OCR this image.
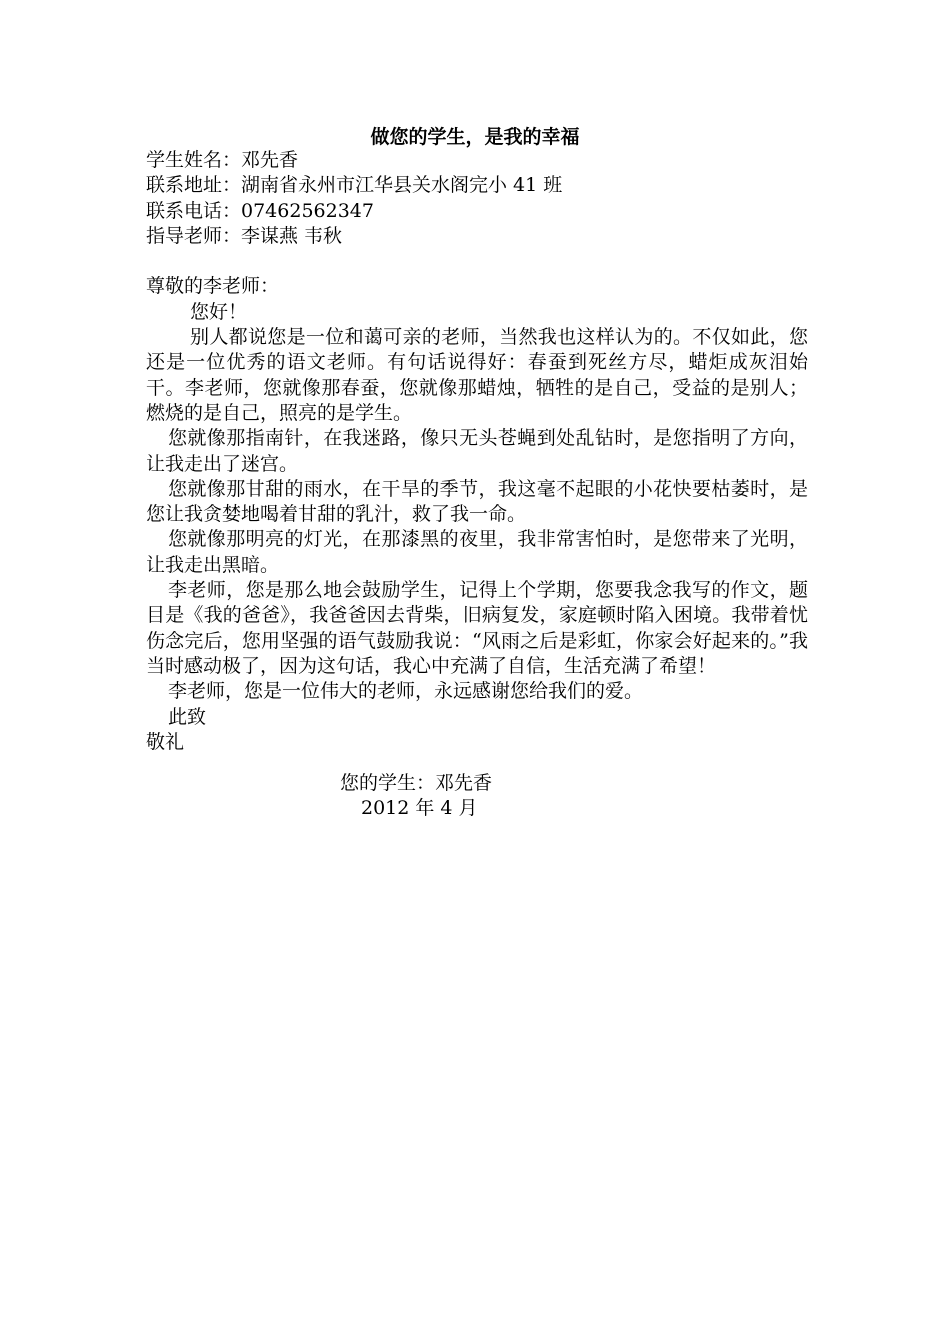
做您的学生，是我的幸福
学生姓名：邓先香
联系地址：湖南省永州市江华县关水阁完小 41 班
联系电话：07462562347
指导老师：李谋燕 韦秋
尊敬的李老师：
您好！

别人都说您是一位和蔼可亲的老师，当然我也这样认为的。不仅如此，您还是一位优秀的语文老师。有句话说得好：春蚕到死丝方尽，蜡炬成灰泪始干。李老师，您就像那春蚕，您就像那蜡烛，牺牲的是自己，受益的是别人；燃烧的是自己，照亮的是学生。

您就像那指南针，在我迷路，像只无头苍蝇到处乱钻时，是您指明了方向，让我走出了迷宫。

您就像那甘甜的雨水，在干旱的季节，我这毫不起眼的小花快要枯萎时，是您让我贪婪地喝着甘甜的乳汁，救了我一命。

您就像那明亮的灯光，在那漆黑的夜里，我非常害怕时，是您带来了光明，让我走出黑暗。

李老师，您是那么地会鼓励学生，记得上个学期，您要我念我写的作文，题目是《我的爸爸》，我爸爸因去背柴，旧病复发，家庭顿时陷入困境。我带着忧伤念完后，您用坚强的语气鼓励我说：“风雨之后是彩虹，你家会好起来的。”我当时感动极了，因为这句话，我心中充满了自信，生活充满了希望！

李老师，您是一位伟大的老师，永远感谢您给我们的爱。

此致
敬礼
您的学生：邓先香
2012 年 4 月
